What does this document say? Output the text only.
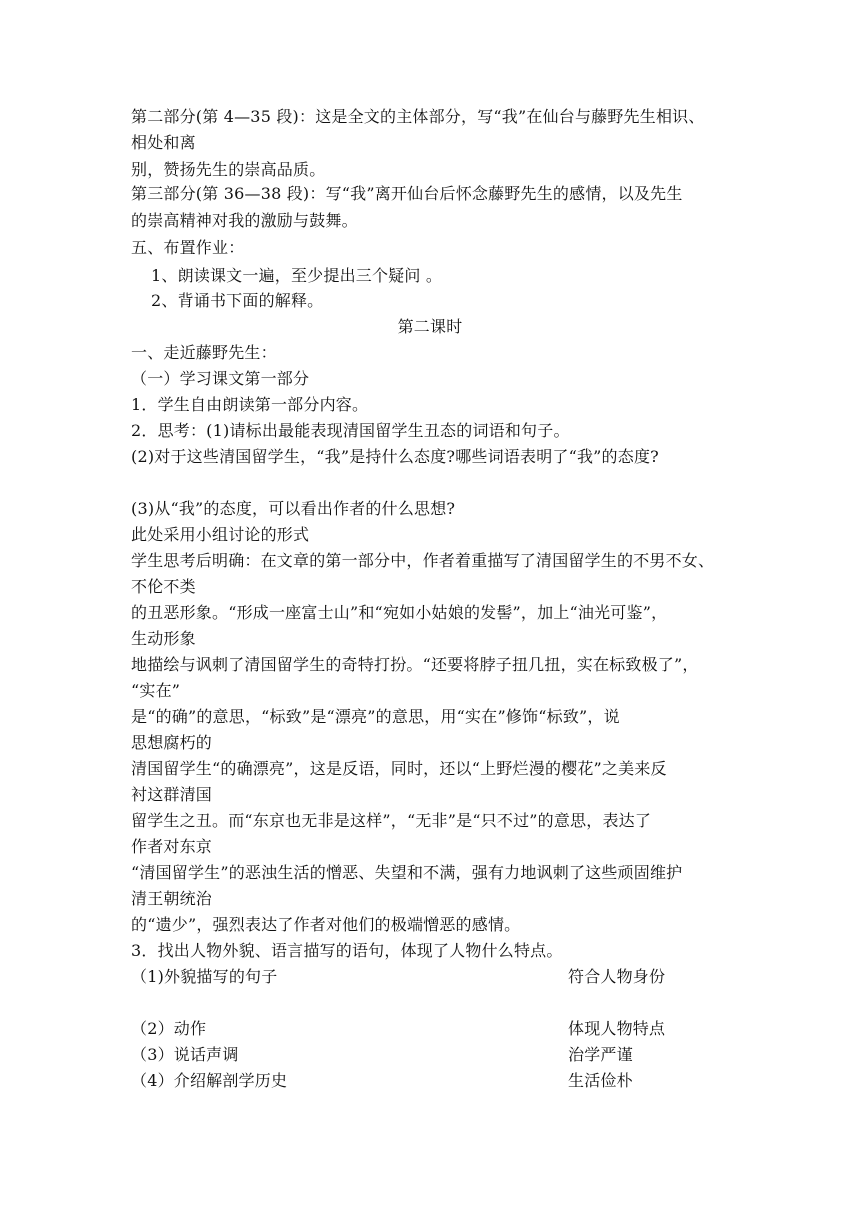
第二部分(第 4—35 段)：这是全文的主体部分，写“我”在仙台与藤野先生相识、
相处和离
别，赞扬先生的崇高品质。
第三部分(第 36—38 段)：写“我”离开仙台后怀念藤野先生的感情，以及先生
的崇高精神对我的激励与鼓舞。
五、布置作业：
1、朗读课文一遍，至少提出三个疑问 。
2、背诵书下面的解释。
第二课时
一、走近藤野先生：
（一）学习课文第一部分
1．学生自由朗读第一部分内容。
2．思考：(1)请标出最能表现清国留学生丑态的词语和句子。
(2)对于这些清国留学生，“我”是持什么态度?哪些词语表明了“我”的态度?
(3)从“我”的态度，可以看出作者的什么思想?
此处采用小组讨论的形式
学生思考后明确：在文章的第一部分中，作者着重描写了清国留学生的不男不女、
不伦不类
的丑恶形象。“形成一座富士山”和“宛如小姑娘的发髻”，加上“油光可鉴”，
生动形象
地描绘与讽刺了清国留学生的奇特打扮。“还要将脖子扭几扭，实在标致极了”，
“实在”
是“的确”的意思，“标致”是“漂亮”的意思，用“实在”修饰“标致”，说
思想腐朽的
清国留学生“的确漂亮”，这是反语，同时，还以“上野烂漫的樱花”之美来反
衬这群清国
留学生之丑。而“东京也无非是这样”，“无非”是“只不过”的意思，表达了
作者对东京
“清国留学生”的恶浊生活的憎恶、失望和不满，强有力地讽刺了这些顽固维护
清王朝统治
的“遗少”，强烈表达了作者对他们的极端憎恶的感情。
3．找出人物外貌、语言描写的语句，体现了人物什么特点。
（1)外貌描写的句子	符合人物身份
（2）动作	体现人物特点
（3）说话声调	治学严谨
（4）介绍解剖学历史	生活俭朴
